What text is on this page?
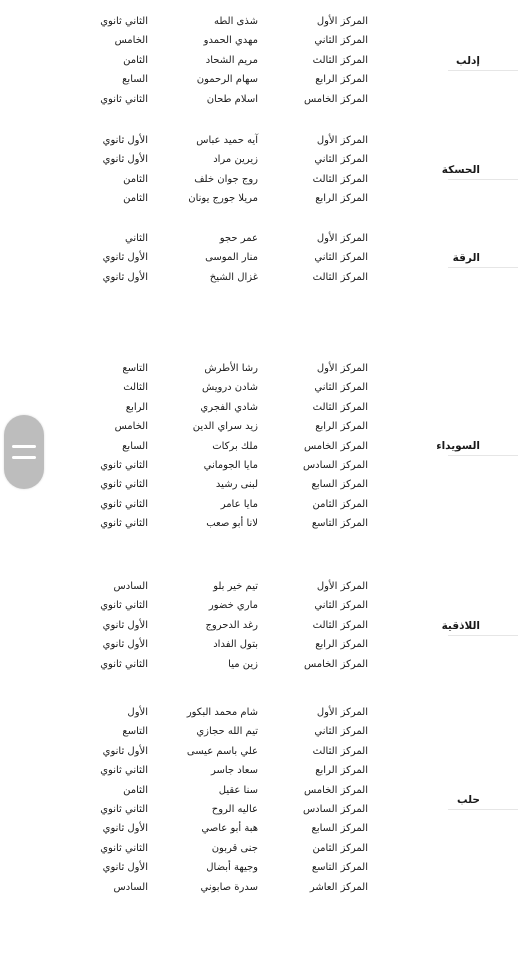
المركز الأول
شذى الطه
الثاني ثانوي
المركز الثاني
مهدي الحمدو
الخامس
المركز الثالث
مريم الشحاد
الثامن
المركز الرابع
سهام الرحمون
السابع
المركز الخامس
اسلام طحان
الثاني ثانوي
إدلب
المركز الأول
آيه حميد عباس
الأول ثانوي
المركز الثاني
زيرين مراد
الأول ثانوي
المركز الثالث
روج جوان خلف
الثامن
المركز الرابع
مريلا جورج يونان
الثامن
الحسكة
المركز الأول
عمر حجو
الثاني
المركز الثاني
منار الموسى
الأول ثانوي
المركز الثالث
غزال الشيخ
الأول ثانوي
الرقة
المركز الأول
رشا الأطرش
التاسع
المركز الثاني
شادن درويش
الثالث
المركز الثالث
شادي الفجري
الرابع
المركز الرابع
زيد سراي الدين
الخامس
المركز الخامس
ملك بركات
السابع
المركز السادس
مايا الجوماني
الثاني ثانوي
المركز السابع
لبنى رشيد
الثاني ثانوي
المركز الثامن
مايا عامر
الثاني ثانوي
المركز التاسع
لانا أبو صعب
الثاني ثانوي
السويداء
المركز الأول
تيم خير بلو
السادس
المركز الثاني
ماري خضور
الثاني ثانوي
المركز الثالث
رغد الدحروج
الأول ثانوي
المركز الرابع
بتول الفداد
الأول ثانوي
المركز الخامس
زين ميا
الثاني ثانوي
اللاذقية
المركز الأول
شام محمد البكور
الأول
المركز الثاني
تيم الله حجازي
التاسع
المركز الثالث
علي باسم عيسى
الأول ثانوي
المركز الرابع
سعاد جاسر
الثاني ثانوي
المركز الخامس
سنا عقيل
الثامن
المركز السادس
عاليه الروح
الثاني ثانوي
المركز السابع
هبة أبو عاصي
الأول ثانوي
المركز الثامن
جنى قربون
الثاني ثانوي
المركز التاسع
وجيهة أبضال
الأول ثانوي
المركز العاشر
سدرة صابوني
السادس
حلب
